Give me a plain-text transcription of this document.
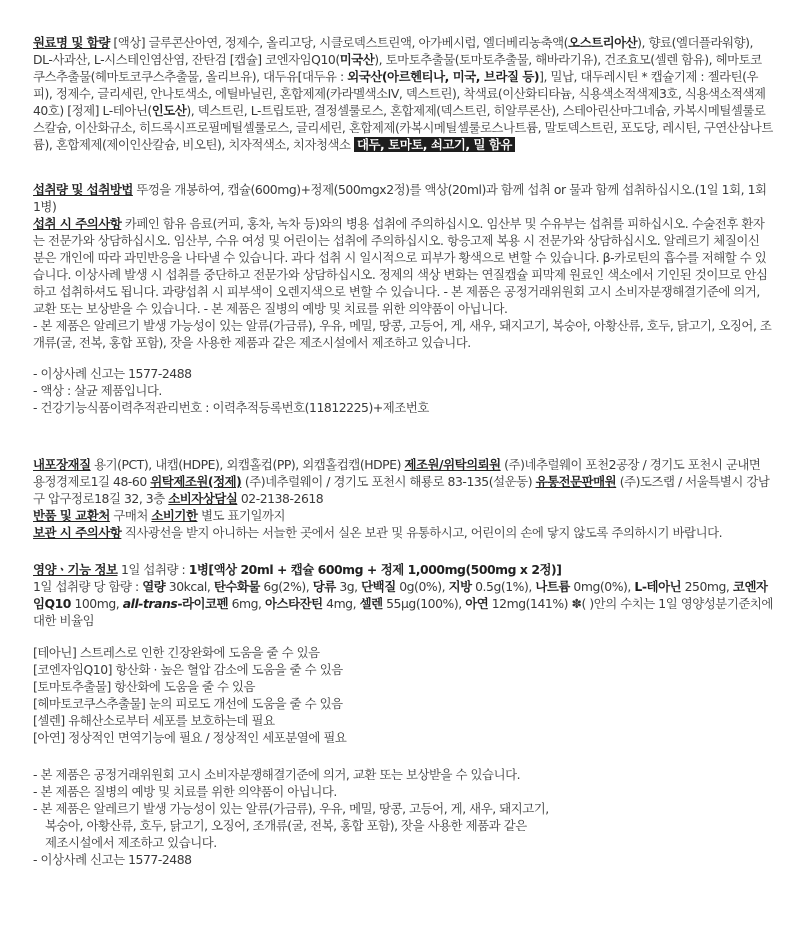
원료명 및 함량 [액상] 글루콘산아연, 정제수, 올리고당, 시클로덱스트린액, 아가베시럽, 엘더베리농축액(오스트리아산), 향료(엘더플라워향), DL-사과산, L-시스테인염산염, 잔탄검 [캡슐] 코엔자임Q10(미국산), 토마토추출물(토마토추출물, 해바라기유), 건조효모(셀렌 함유), 헤마토코쿠스추출물(헤마토코쿠스추출물, 올리브유), 대두유[대두유 : 외국산(아르헨티나, 미국, 브라질 등)], 밀납, 대두레시틴 * 캡슐기제 : 젤라틴(우피), 정제수, 글리세린, 안나토색소, 에틸바닐린, 혼합제제(카라멜색소IV, 덱스트린), 착색료(이산화티타늄, 식용색소적색제3호, 식용색소적색제40호) [정제] L-테아닌(인도산), 덱스트린, L-트립토판, 결정셀룰로스, 혼합제제(덱스트린, 히알루론산), 스테아린산마그네슘, 카복시메틸셀룰로스칼슘, 이산화규소, 히드록시프로필메틸셀룰로스, 글리세린, 혼합제제(카복시메틸셀룰로스나트륨, 말토덱스트린, 포도당, 레시틴, 구연산삼나트륨), 혼합제제(제이인산칼슘, 비오틴), 치자적색소, 치자청색소 대두, 토마토, 쇠고기, 밀 함유

섭취량 및 섭취방법 뚜껑을 개봉하여, 캡슐(600mg)+정제(500mgx2정)를 액상(20ml)과 함께 섭취 or 물과 함께 섭취하십시오.(1일 1회, 1회 1병)

섭취 시 주의사항 카페인 함유 음료(커피, 홍차, 녹차 등)와의 병용 섭취에 주의하십시오. 임산부 및 수유부는 섭취를 피하십시오. 수술전후 환자는 전문가와 상담하십시오. 임산부, 수유 여성 및 어린이는 섭취에 주의하십시오. 항응고제 복용 시 전문가와 상담하십시오. 알레르기 체질이신 분은 개인에 따라 과민반응을 나타낼 수 있습니다. 과다 섭취 시 일시적으로 피부가 황색으로 변할 수 있습니다. β-카로틴의 흡수를 저해할 수 있습니다. 이상사례 발생 시 섭취를 중단하고 전문가와 상담하십시오. 정제의 색상 변화는 연질캡슐 피막제 원료인 색소에서 기인된 것이므로 안심하고 섭취하셔도 됩니다. 과량섭취 시 피부색이 오렌지색으로 변할 수 있습니다. - 본 제품은 공정거래위원회 고시 소비자분쟁해결기준에 의거, 교환 또는 보상받을 수 있습니다. - 본 제품은 질병의 예방 및 치료를 위한 의약품이 아닙니다.

- 본 제품은 알레르기 발생 가능성이 있는 알류(가금류), 우유, 메밀, 땅콩, 고등어, 게, 새우, 돼지고기, 복숭아, 아황산류, 호두, 닭고기, 오징어, 조개류(굴, 전복, 홍합 포함), 잣을 사용한 제품과 같은 제조시설에서 제조하고 있습니다.

- 이상사례 신고는 1577-2488

- 액상 : 살균 제품입니다.

- 건강기능식품이력추적관리번호 : 이력추적등록번호(11812225)+제조번호

내포장재질 용기(PCT), 내캡(HDPE), 외캡홀컵(PP), 외캡홀컵캡(HDPE) 제조원/위탁의뢰원 (주)네추럴웨이 포천2공장 / 경기도 포천시 군내면 용정경제로1길 48-60 위탁제조원(정제) (주)네추럴웨이 / 경기도 포천시 해룡로 83-135(설운동) 유통전문판매원 (주)도즈랩 / 서울특별시 강남구 압구정로18길 32, 3층 소비자상담실 02-2138-2618

반품 및 교환처 구매처 소비기한 별도 표기일까지

보관 시 주의사항 직사광선을 받지 아니하는 서늘한 곳에서 실온 보관 및 유통하시고, 어린이의 손에 닿지 않도록 주의하시기 바랍니다.

영양ㆍ기능 정보 1일 섭취량 : 1병[액상 20ml + 캡슐 600mg + 정제 1,000mg(500mg x 2정)]

1일 섭취량 당 함량 : 열량 30kcal, 탄수화물 6g(2%), 당류 3g, 단백질 0g(0%), 지방 0.5g(1%), 나트륨 0mg(0%), L-테아닌 250mg, 코엔자임Q10 100mg, all-trans-라이코펜 6mg, 아스타잔틴 4mg, 셀렌 55μg(100%), 아연 12mg(141%) ✽( )안의 수치는 1일 영양성분기준치에 대한 비율임

[테아닌] 스트레스로 인한 긴장완화에 도움을 줄 수 있음

[코엔자임Q10] 항산화 · 높은 혈압 감소에 도움을 줄 수 있음

[토마토추출물] 항산화에 도움을 줄 수 있음

[헤마토코쿠스추출물] 눈의 피로도 개선에 도움을 줄 수 있음

[셀렌] 유해산소로부터 세포를 보호하는데 필요

[아연] 정상적인 면역기능에 필요 / 정상적인 세포분열에 필요

- 본 제품은 공정거래위원회 고시 소비자분쟁해결기준에 의거, 교환 또는 보상받을 수 있습니다.

- 본 제품은 질병의 예방 및 치료를 위한 의약품이 아닙니다.

- 본 제품은 알레르기 발생 가능성이 있는 알류(가금류), 우유, 메밀, 땅콩, 고등어, 게, 새우, 돼지고기,

복숭아, 아황산류, 호두, 닭고기, 오징어, 조개류(굴, 전복, 홍합 포함), 잣을 사용한 제품과 같은

제조시설에서 제조하고 있습니다.

- 이상사례 신고는 1577-2488
